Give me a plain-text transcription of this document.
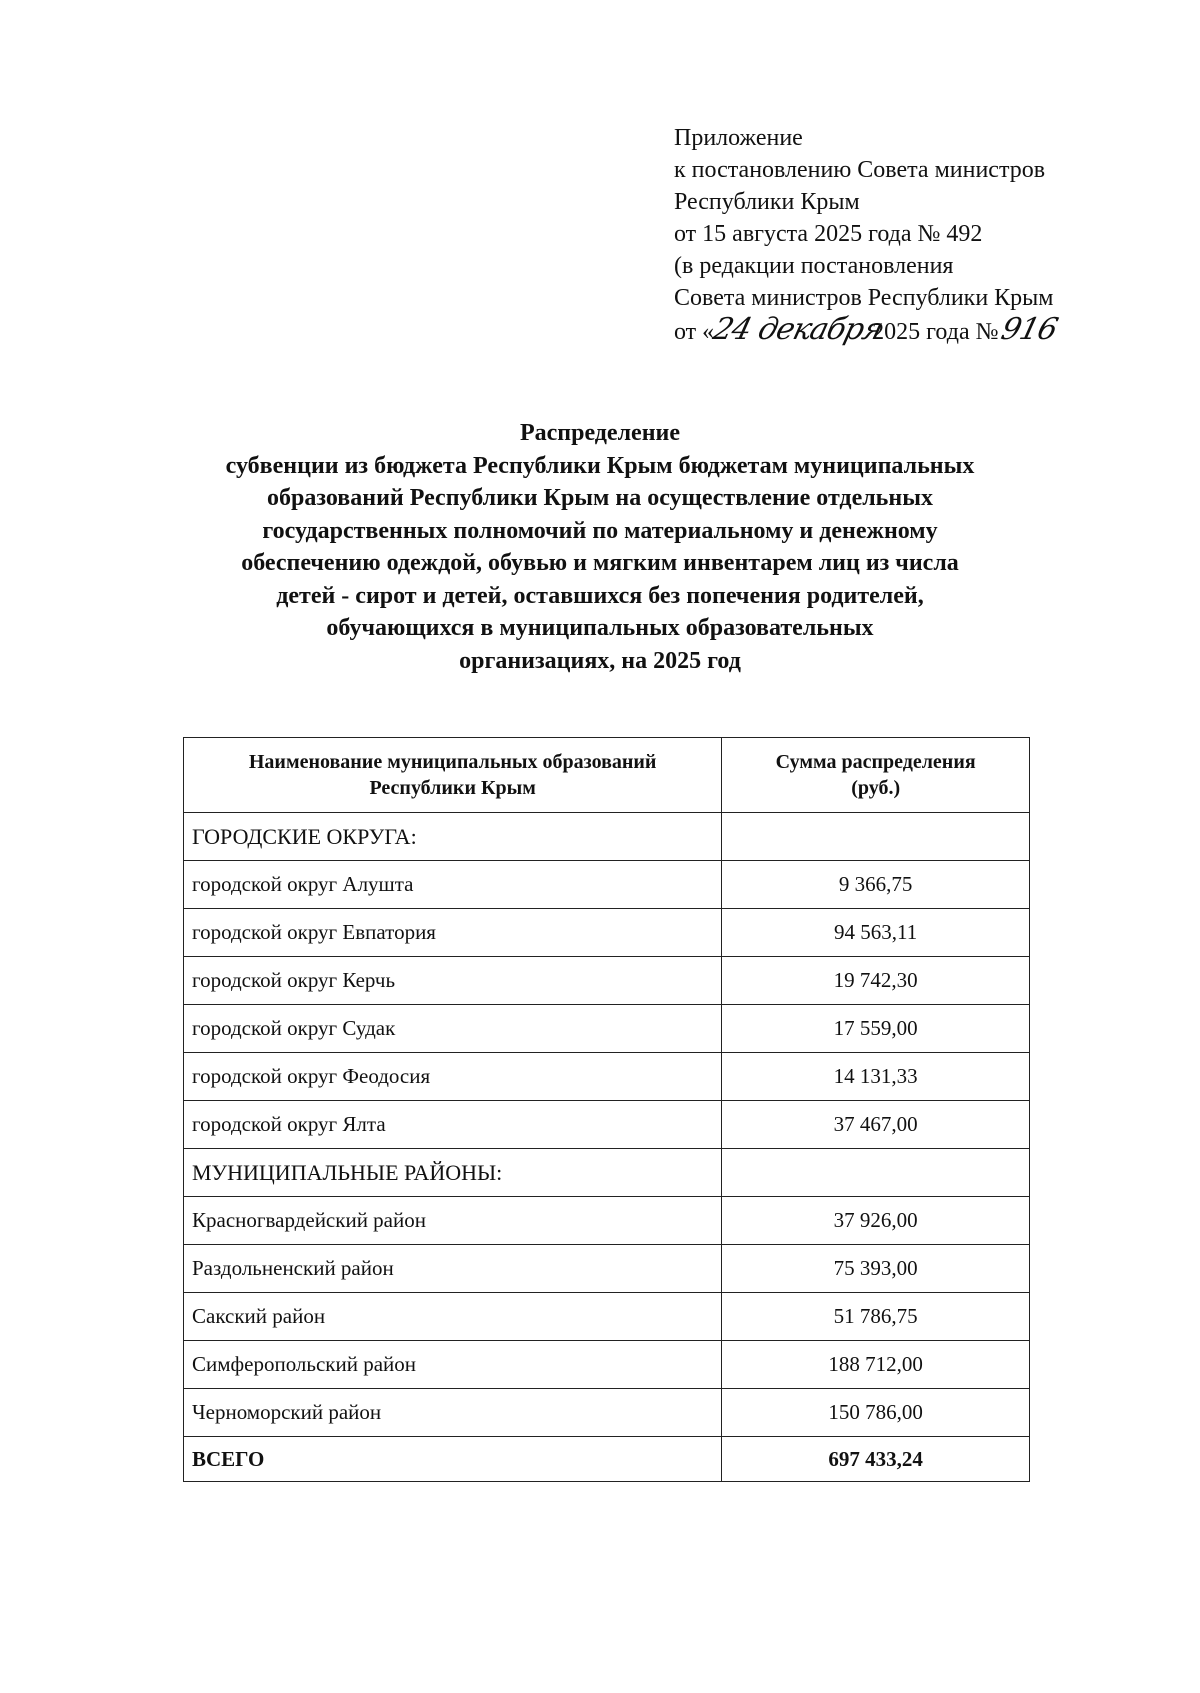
Приложение
к постановлению Совета министров
Республики Крым
от 15 августа 2025 года № 492
(в редакции постановления
Совета министров Республики Крым
от «24 декабря2025 года №916
Распределение
субвенции из бюджета Республики Крым бюджетам муниципальных
образований Республики Крым на осуществление отдельных
государственных полномочий по материальному и денежному
обеспечению одеждой, обувью и мягким инвентарем лиц из числа
детей - сирот и детей, оставшихся без попечения родителей,
обучающихся в муниципальных образовательных
организациях, на 2025 год
Наименование муниципальных образований
Республики Крым	Сумма распределения
(руб.)
ГОРОДСКИЕ ОКРУГА:	
городской округ Алушта	9 366,75
городской округ Евпатория	94 563,11
городской округ Керчь	19 742,30
городской округ Судак	17 559,00
городской округ Феодосия	14 131,33
городской округ Ялта	37 467,00
МУНИЦИПАЛЬНЫЕ РАЙОНЫ:	
Красногвардейский район	37 926,00
Раздольненский район	75 393,00
Сакский район	51 786,75
Симферопольский район	188 712,00
Черноморский район	150 786,00
ВСЕГО	697 433,24
